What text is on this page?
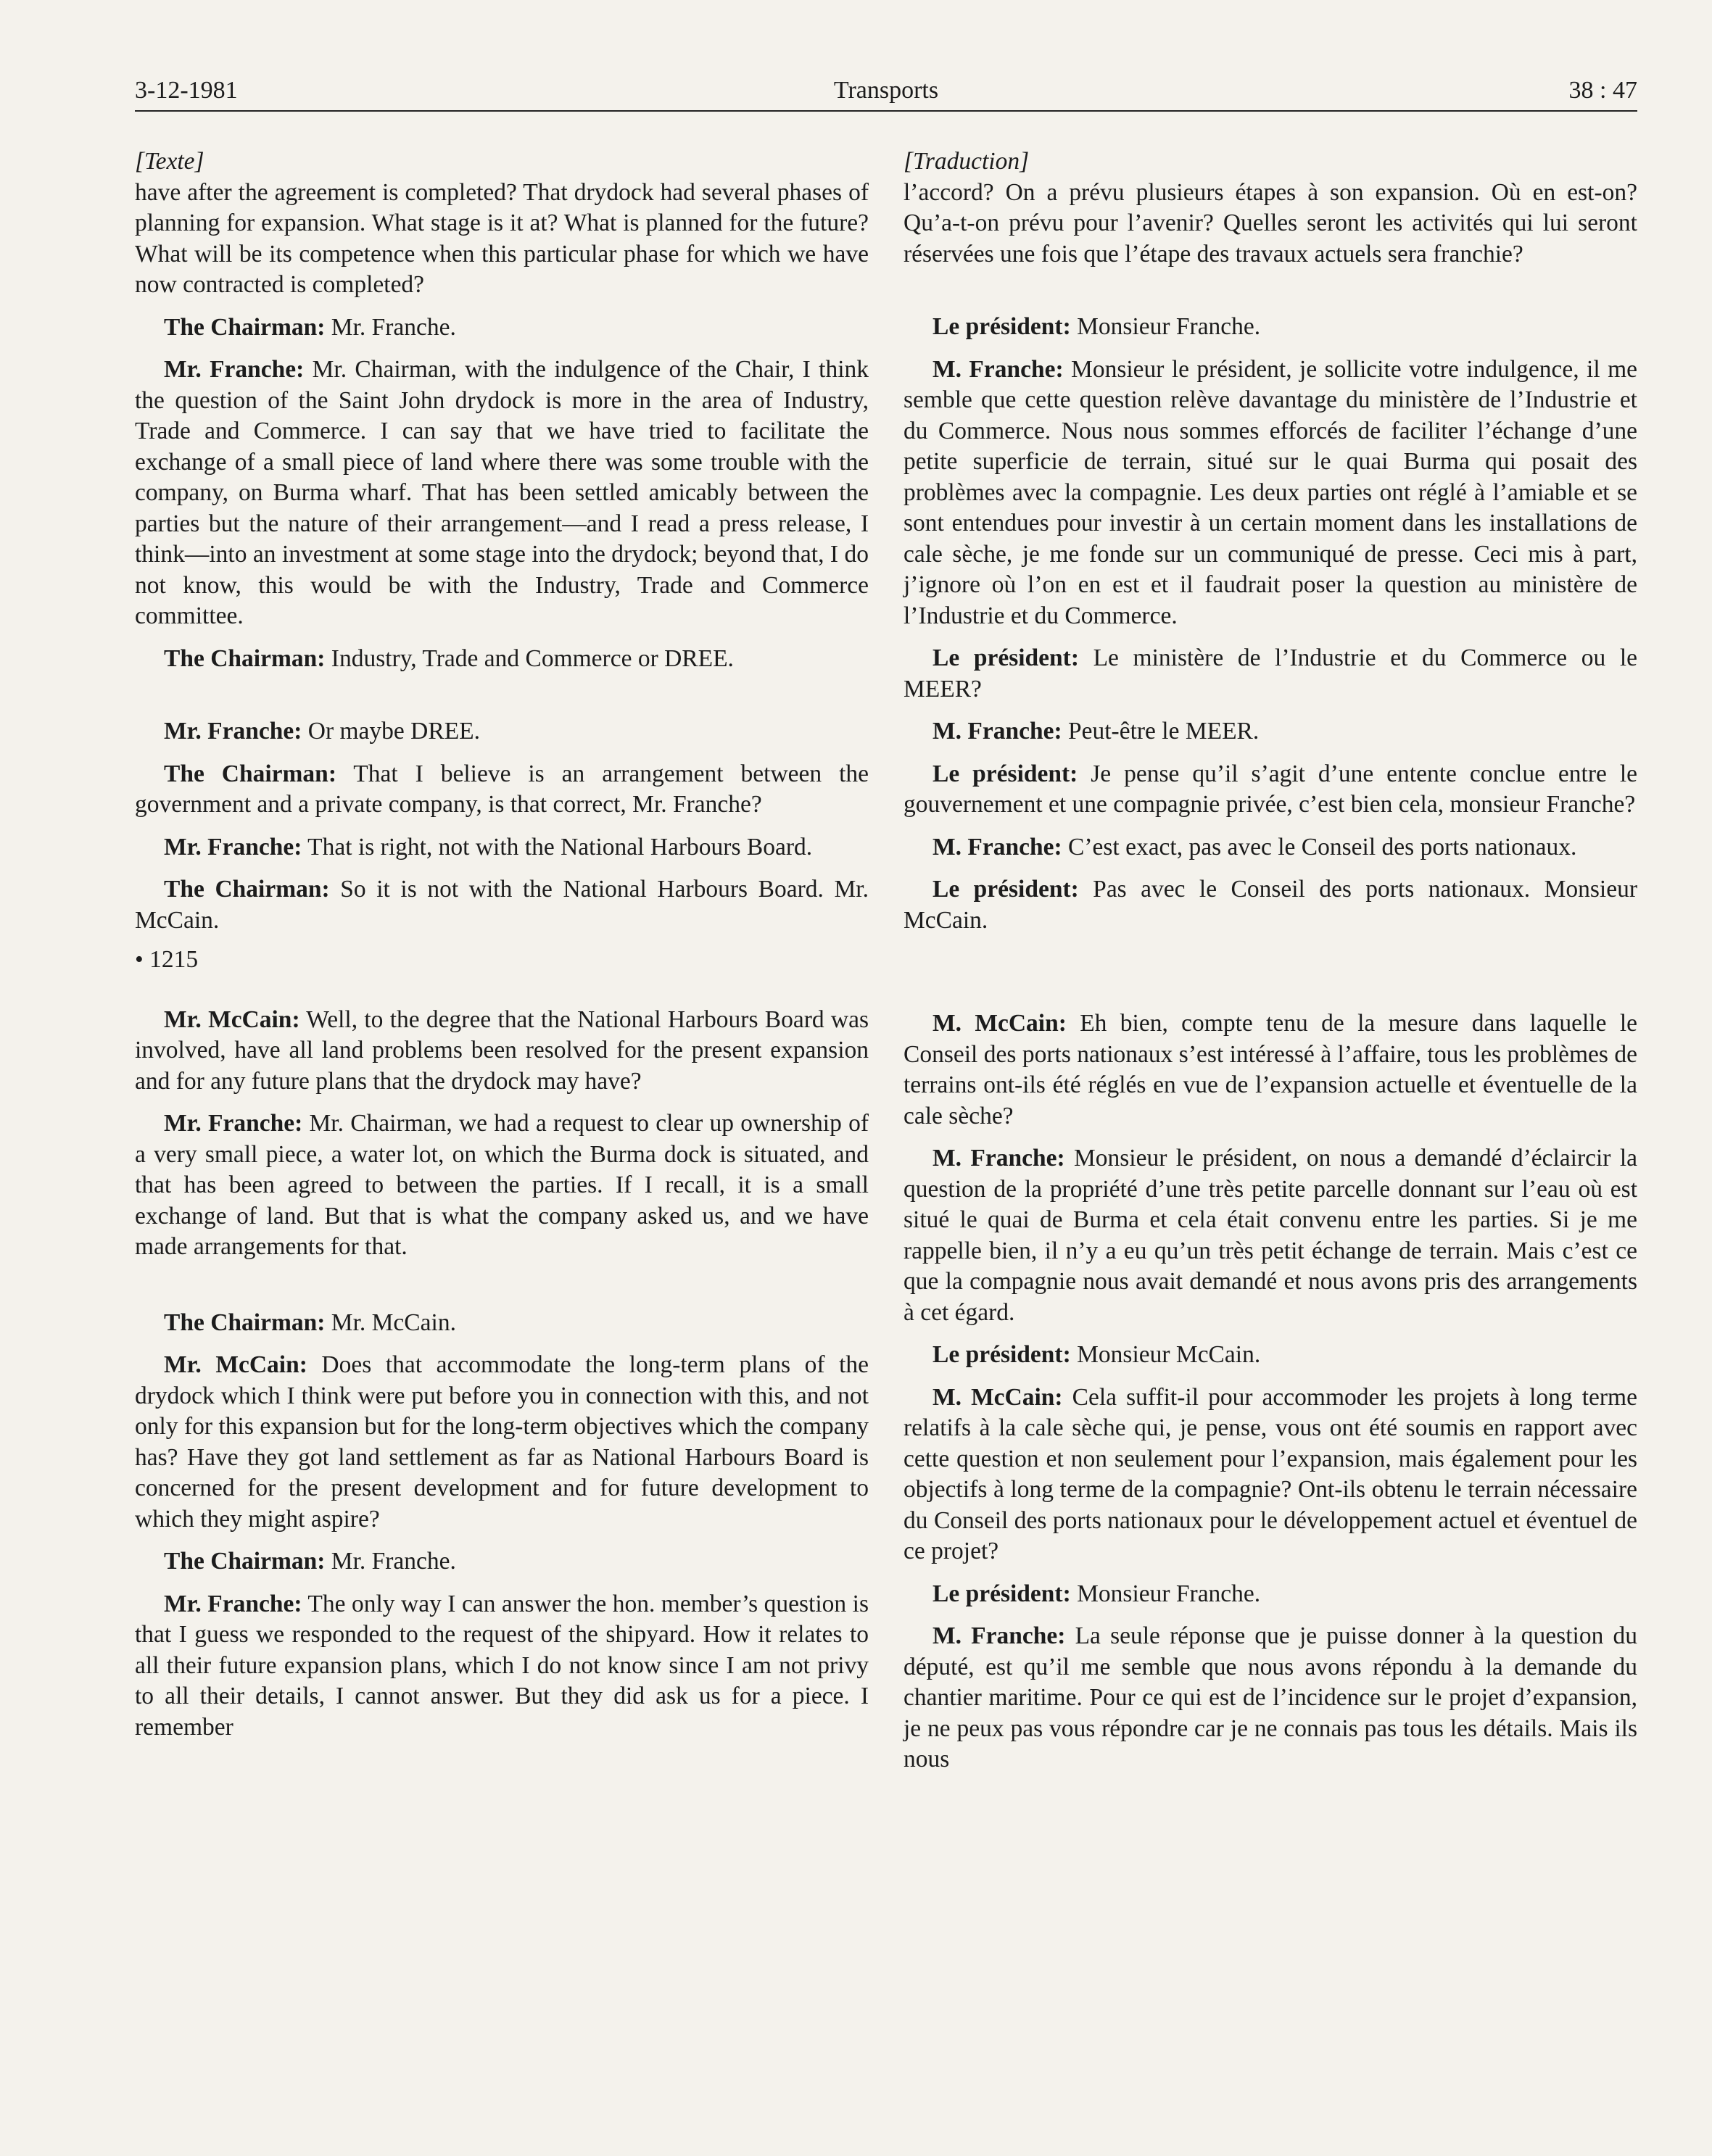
3-12-1981	Transports	38 : 47

[Texte]

have after the agreement is completed? That drydock had several phases of planning for expansion. What stage is it at? What is planned for the future? What will be its competence when this particular phase for which we have now contracted is completed?

The Chairman: Mr. Franche.

Mr. Franche: Mr. Chairman, with the indulgence of the Chair, I think the question of the Saint John drydock is more in the area of Industry, Trade and Commerce. I can say that we have tried to facilitate the exchange of a small piece of land where there was some trouble with the company, on Burma wharf. That has been settled amicably between the parties but the nature of their arrangement—and I read a press release, I think—into an investment at some stage into the drydock; beyond that, I do not know, this would be with the Industry, Trade and Commerce committee.

The Chairman: Industry, Trade and Commerce or DREE.

Mr. Franche: Or maybe DREE.

The Chairman: That I believe is an arrangement between the government and a private company, is that correct, Mr. Franche?

Mr. Franche: That is right, not with the National Harbours Board.

The Chairman: So it is not with the National Harbours Board. Mr. McCain.

• 1215

Mr. McCain: Well, to the degree that the National Harbours Board was involved, have all land problems been resolved for the present expansion and for any future plans that the drydock may have?

Mr. Franche: Mr. Chairman, we had a request to clear up ownership of a very small piece, a water lot, on which the Burma dock is situated, and that has been agreed to between the parties. If I recall, it is a small exchange of land. But that is what the company asked us, and we have made arrangements for that.

The Chairman: Mr. McCain.

Mr. McCain: Does that accommodate the long-term plans of the drydock which I think were put before you in connection with this, and not only for this expansion but for the long-term objectives which the company has? Have they got land settlement as far as National Harbours Board is concerned for the present development and for future development to which they might aspire?

The Chairman: Mr. Franche.

Mr. Franche: The only way I can answer the hon. member’s question is that I guess we responded to the request of the shipyard. How it relates to all their future expansion plans, which I do not know since I am not privy to all their details, I cannot answer. But they did ask us for a piece. I remember

[Traduction]

l’accord? On a prévu plusieurs étapes à son expansion. Où en est-on? Qu’a-t-on prévu pour l’avenir? Quelles seront les activités qui lui seront réservées une fois que l’étape des travaux actuels sera franchie?

Le président: Monsieur Franche.

M. Franche: Monsieur le président, je sollicite votre indulgence, il me semble que cette question relève davantage du ministère de l’Industrie et du Commerce. Nous nous sommes efforcés de faciliter l’échange d’une petite superficie de terrain, situé sur le quai Burma qui posait des problèmes avec la compagnie. Les deux parties ont réglé à l’amiable et se sont entendues pour investir à un certain moment dans les installations de cale sèche, je me fonde sur un communiqué de presse. Ceci mis à part, j’ignore où l’on en est et il faudrait poser la question au ministère de l’Industrie et du Commerce.

Le président: Le ministère de l’Industrie et du Commerce ou le MEER?

M. Franche: Peut-être le MEER.

Le président: Je pense qu’il s’agit d’une entente conclue entre le gouvernement et une compagnie privée, c’est bien cela, monsieur Franche?

M. Franche: C’est exact, pas avec le Conseil des ports nationaux.

Le président: Pas avec le Conseil des ports nationaux. Monsieur McCain.

M. McCain: Eh bien, compte tenu de la mesure dans laquelle le Conseil des ports nationaux s’est intéressé à l’affaire, tous les problèmes de terrains ont-ils été réglés en vue de l’expansion actuelle et éventuelle de la cale sèche?

M. Franche: Monsieur le président, on nous a demandé d’éclaircir la question de la propriété d’une très petite parcelle donnant sur l’eau où est situé le quai de Burma et cela était convenu entre les parties. Si je me rappelle bien, il n’y a eu qu’un très petit échange de terrain. Mais c’est ce que la compagnie nous avait demandé et nous avons pris des arrangements à cet égard.

Le président: Monsieur McCain.

M. McCain: Cela suffit-il pour accommoder les projets à long terme relatifs à la cale sèche qui, je pense, vous ont été soumis en rapport avec cette question et non seulement pour l’expansion, mais également pour les objectifs à long terme de la compagnie? Ont-ils obtenu le terrain nécessaire du Conseil des ports nationaux pour le développement actuel et éventuel de ce projet?

Le président: Monsieur Franche.

M. Franche: La seule réponse que je puisse donner à la question du député, est qu’il me semble que nous avons répondu à la demande du chantier maritime. Pour ce qui est de l’incidence sur le projet d’expansion, je ne peux pas vous répondre car je ne connais pas tous les détails. Mais ils nous
